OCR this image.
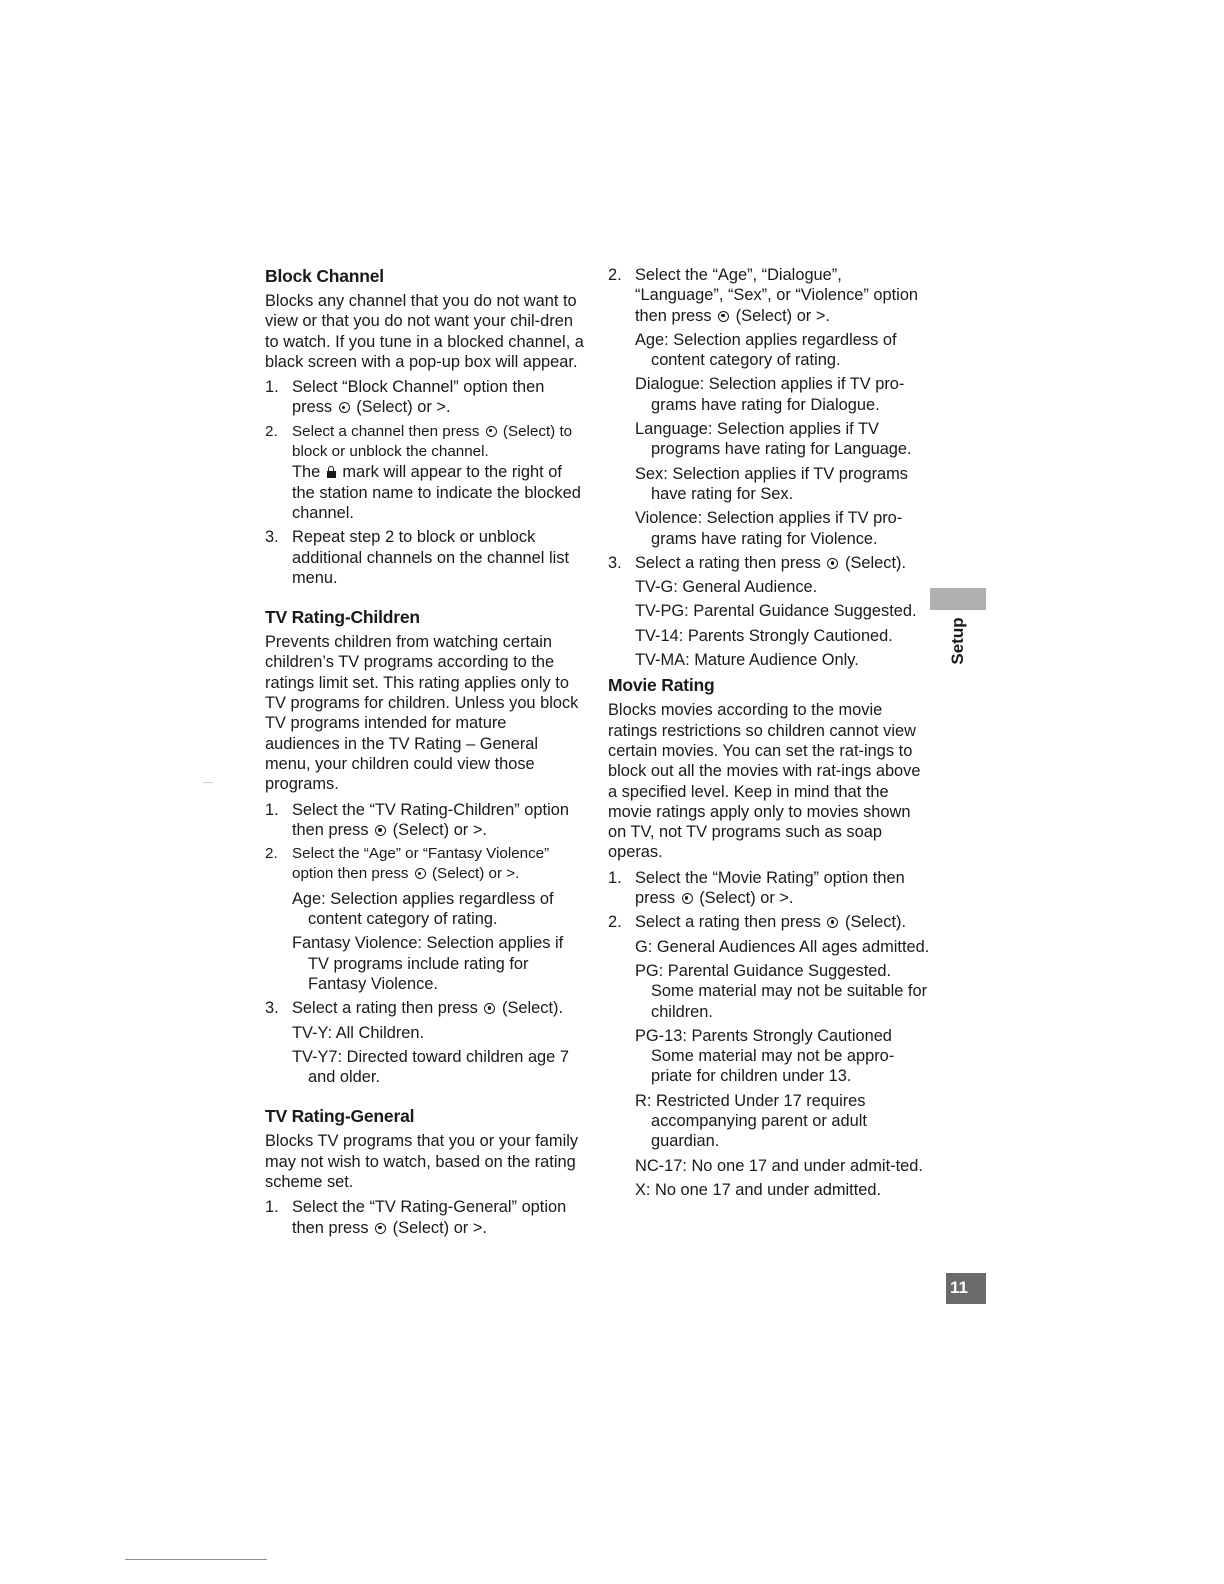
Block Channel

Blocks any channel that you do not want to view or that you do not want your chil-dren to watch. If you tune in a blocked channel, a black screen with a pop-up box will appear.

1. Select “Block Channel” option then press (Select) or >.
2. Select a channel then press (Select) to block or unblock the channel.
The mark will appear to the right of the station name to indicate the blocked channel.
3. Repeat step 2 to block or unblock additional channels on the channel list menu.
TV Rating-Children

Prevents children from watching certain children’s TV programs according to the ratings limit set. This rating applies only to TV programs for children. Unless you block TV programs intended for mature audiences in the TV Rating – General menu, your children could view those programs.

1. Select the “TV Rating-Children” option then press (Select) or >.
2. Select the “Age” or “Fantasy Violence” option then press (Select) or >.

Age: Selection applies regardless of content category of rating.

Fantasy Violence: Selection applies if TV programs include rating for Fantasy Violence.

3. Select a rating then press (Select).

TV-Y: All Children.

TV-Y7: Directed toward children age 7 and older.

TV Rating-General

Blocks TV programs that you or your family may not wish to watch, based on the rating scheme set.

1. Select the “TV Rating-General” option then press (Select) or >.
2. Select the “Age”, “Dialogue”, “Language”, “Sex”, or “Violence” option then press (Select) or >.

Age: Selection applies regardless of content category of rating.

Dialogue: Selection applies if TV pro-grams have rating for Dialogue.

Language: Selection applies if TV programs have rating for Language.

Sex: Selection applies if TV programs have rating for Sex.

Violence: Selection applies if TV pro-grams have rating for Violence.

3. Select a rating then press (Select).

TV-G: General Audience.

TV-PG: Parental Guidance Suggested.

TV-14: Parents Strongly Cautioned.

TV-MA: Mature Audience Only.

Movie Rating

Blocks movies according to the movie ratings restrictions so children cannot view certain movies. You can set the rat-ings to block out all the movies with rat-ings above a specified level. Keep in mind that the movie ratings apply only to movies shown on TV, not TV programs such as soap operas.

1. Select the “Movie Rating” option then press (Select) or >.
2. Select a rating then press (Select).

G: General Audiences All ages admitted.

PG: Parental Guidance Suggested. Some material may not be suitable for children.

PG-13: Parents Strongly Cautioned Some material may not be appro-priate for children under 13.

R: Restricted Under 17 requires accompanying parent or adult guardian.

NC-17: No one 17 and under admit-ted.

X: No one 17 and under admitted.

Setup
11
